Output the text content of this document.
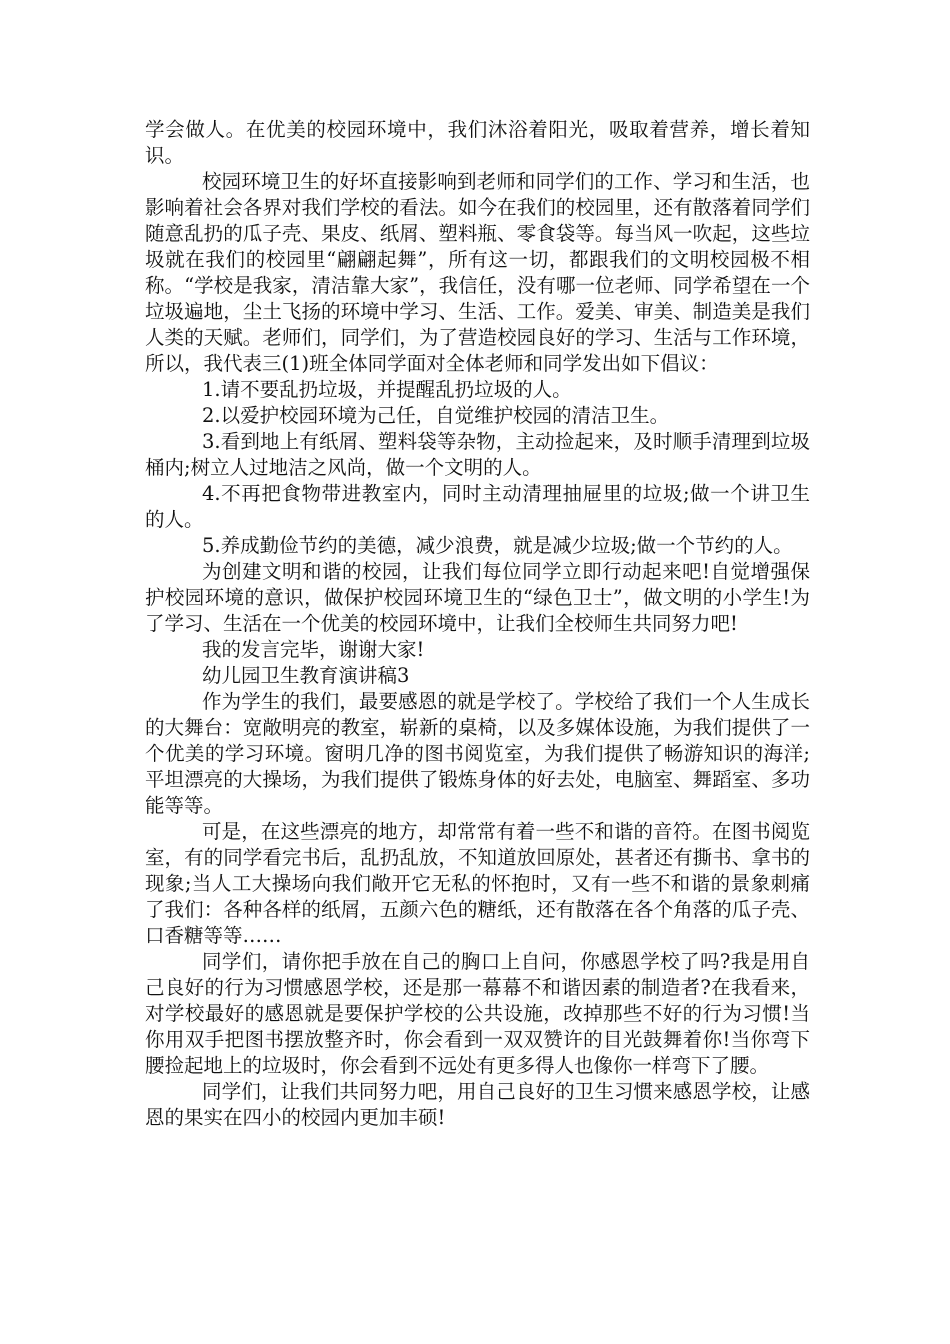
学会做人。在优美的校园环境中，我们沐浴着阳光，吸取着营养，增长着知识。

校园环境卫生的好坏直接影响到老师和同学们的工作、学习和生活，也影响着社会各界对我们学校的看法。如今在我们的校园里，还有散落着同学们随意乱扔的瓜子壳、果皮、纸屑、塑料瓶、零食袋等。每当风一吹起，这些垃圾就在我们的校园里“翩翩起舞”，所有这一切，都跟我们的文明校园极不相称。“学校是我家，清洁靠大家”，我信任，没有哪一位老师、同学希望在一个垃圾遍地，尘土飞扬的环境中学习、生活、工作。爱美、审美、制造美是我们人类的天赋。老师们，同学们，为了营造校园良好的学习、生活与工作环境，所以，我代表三(1)班全体同学面对全体老师和同学发出如下倡议：

1.请不要乱扔垃圾，并提醒乱扔垃圾的人。

2.以爱护校园环境为己任，自觉维护校园的清洁卫生。

3.看到地上有纸屑、塑料袋等杂物，主动捡起来，及时顺手清理到垃圾桶内;树立人过地洁之风尚，做一个文明的人。

4.不再把食物带进教室内，同时主动清理抽屉里的垃圾;做一个讲卫生的人。

5.养成勤俭节约的美德，减少浪费，就是减少垃圾;做一个节约的人。

为创建文明和谐的校园，让我们每位同学立即行动起来吧!自觉增强保护校园环境的意识，做保护校园环境卫生的“绿色卫士”，做文明的小学生!为了学习、生活在一个优美的校园环境中，让我们全校师生共同努力吧!

我的发言完毕，谢谢大家!

幼儿园卫生教育演讲稿3

作为学生的我们，最要感恩的就是学校了。学校给了我们一个人生成长的大舞台：宽敞明亮的教室，崭新的桌椅，以及多媒体设施，为我们提供了一个优美的学习环境。窗明几净的图书阅览室，为我们提供了畅游知识的海洋;平坦漂亮的大操场，为我们提供了锻炼身体的好去处，电脑室、舞蹈室、多功能等等。

可是，在这些漂亮的地方，却常常有着一些不和谐的音符。在图书阅览室，有的同学看完书后，乱扔乱放，不知道放回原处，甚者还有撕书、拿书的现象;当人工大操场向我们敞开它无私的怀抱时，又有一些不和谐的景象刺痛了我们：各种各样的纸屑，五颜六色的糖纸，还有散落在各个角落的瓜子壳、口香糖等等……

同学们，请你把手放在自己的胸口上自问，你感恩学校了吗?我是用自己良好的行为习惯感恩学校，还是那一幕幕不和谐因素的制造者?在我看来，对学校最好的感恩就是要保护学校的公共设施，改掉那些不好的行为习惯!当你用双手把图书摆放整齐时，你会看到一双双赞许的目光鼓舞着你!当你弯下腰捡起地上的垃圾时，你会看到不远处有更多得人也像你一样弯下了腰。

同学们，让我们共同努力吧，用自己良好的卫生习惯来感恩学校，让感恩的果实在四小的校园内更加丰硕!
